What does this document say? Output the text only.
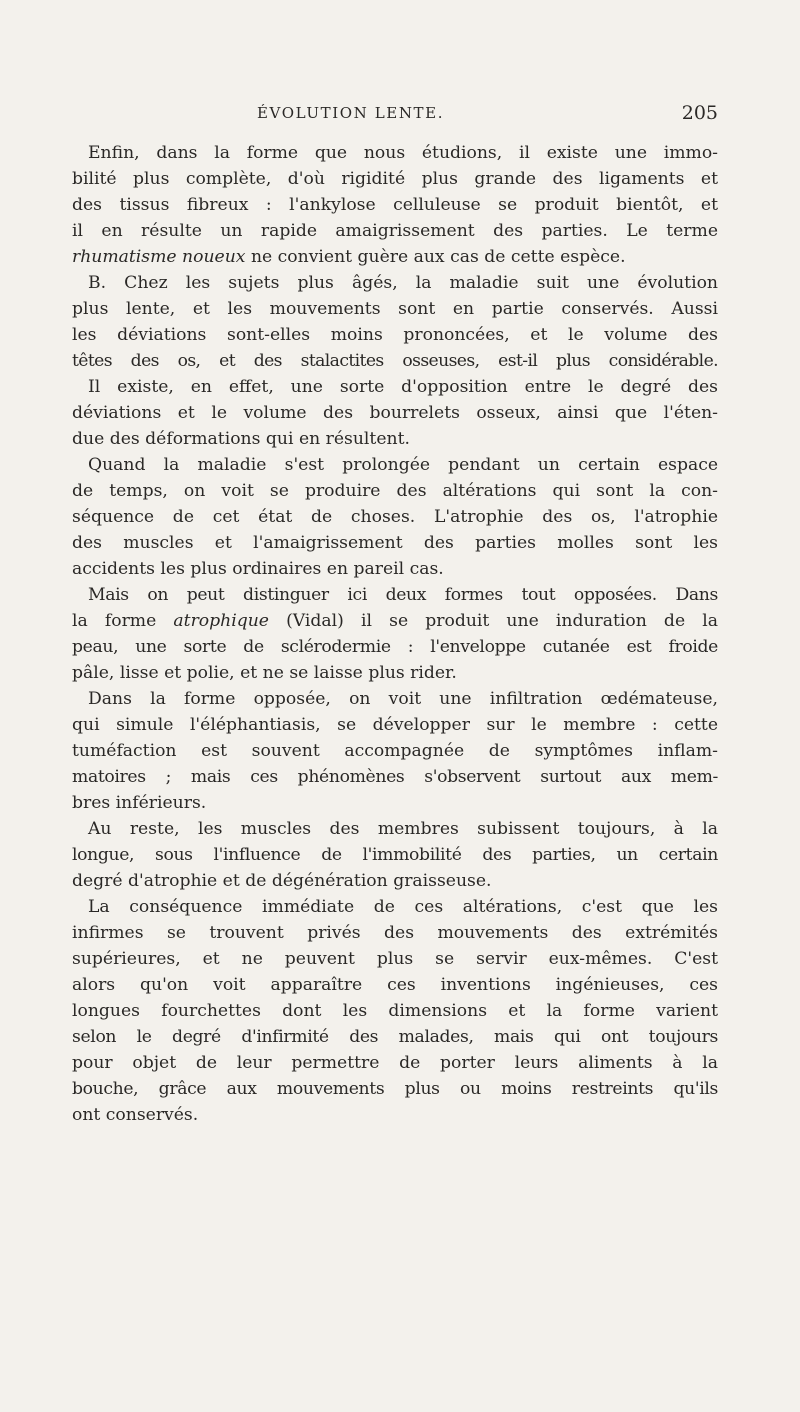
ÉVOLUTION LENTE.	205
Enfin, dans la forme que nous étudions, il existe une immo-
bilité plus complète, d'où rigidité plus grande des ligaments et
des tissus fibreux : l'ankylose celluleuse se produit bientôt, et
il en résulte un rapide amaigrissement des parties. Le terme
rhumatisme noueux ne convient guère aux cas de cette espèce.
B. Chez les sujets plus âgés, la maladie suit une évolution
plus lente, et les mouvements sont en partie conservés. Aussi
les déviations sont-elles moins prononcées, et le volume des
têtes des os, et des stalactites osseuses, est-il plus considérable.
Il existe, en effet, une sorte d'opposition entre le degré des
déviations et le volume des bourrelets osseux, ainsi que l'éten-
due des déformations qui en résultent.
Quand la maladie s'est prolongée pendant un certain espace
de temps, on voit se produire des altérations qui sont la con-
séquence de cet état de choses. L'atrophie des os, l'atrophie
des muscles et l'amaigrissement des parties molles sont les
accidents les plus ordinaires en pareil cas.
Mais on peut distinguer ici deux formes tout opposées. Dans
la forme atrophique (Vidal) il se produit une induration de la
peau, une sorte de sclérodermie : l'enveloppe cutanée est froide
pâle, lisse et polie, et ne se laisse plus rider.
Dans la forme opposée, on voit une infiltration œdémateuse,
qui simule l'éléphantiasis, se développer sur le membre : cette
tuméfaction est souvent accompagnée de symptômes inflam-
matoires ; mais ces phénomènes s'observent surtout aux mem-
bres inférieurs.
Au reste, les muscles des membres subissent toujours, à la
longue, sous l'influence de l'immobilité des parties, un certain
degré d'atrophie et de dégénération graisseuse.
La conséquence immédiate de ces altérations, c'est que les
infirmes se trouvent privés des mouvements des extrémités
supérieures, et ne peuvent plus se servir eux-mêmes. C'est
alors qu'on voit apparaître ces inventions ingénieuses, ces
longues fourchettes dont les dimensions et la forme varient
selon le degré d'infirmité des malades, mais qui ont toujours
pour objet de leur permettre de porter leurs aliments à la
bouche, grâce aux mouvements plus ou moins restreints qu'ils
ont conservés.
